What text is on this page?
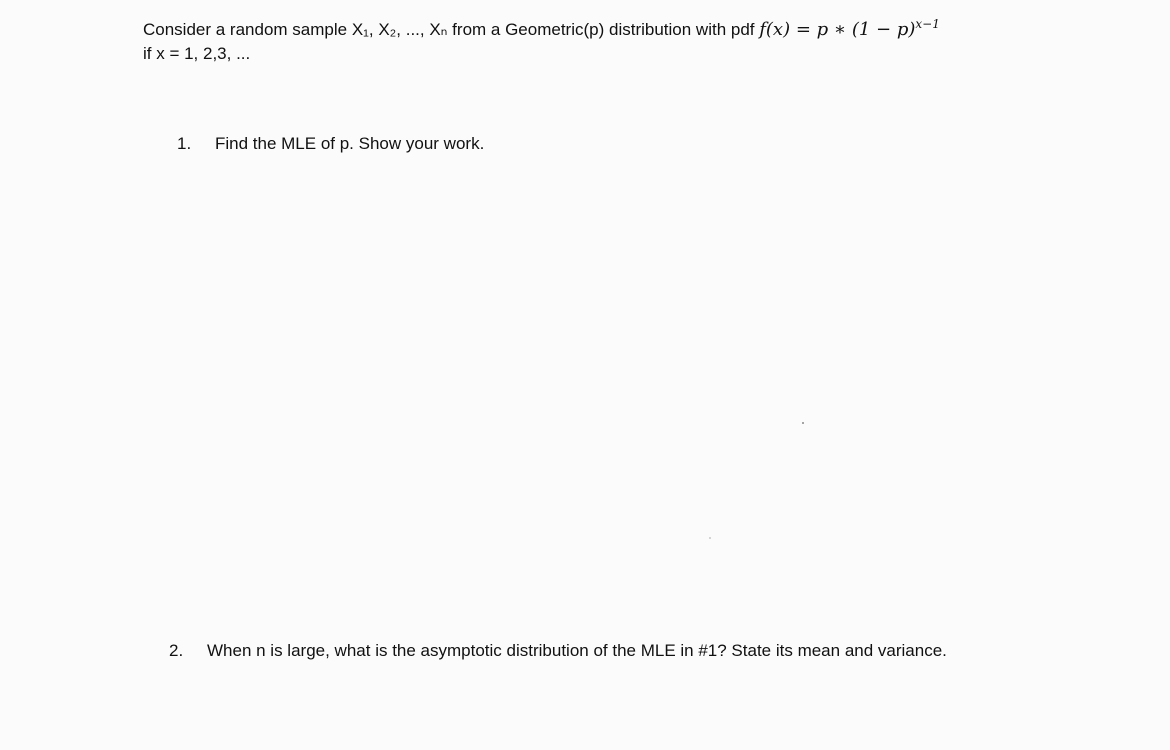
Consider a random sample X₁, X₂, ..., Xₙ from a Geometric(p) distribution with pdf f(x) = p ∗ $(1 - p)^{x-1}$
if x = 1, 2,3, ...
1.	Find the MLE of p. Show your work.
2.	When n is large, what is the asymptotic distribution of the MLE in #1? State its mean and variance.
